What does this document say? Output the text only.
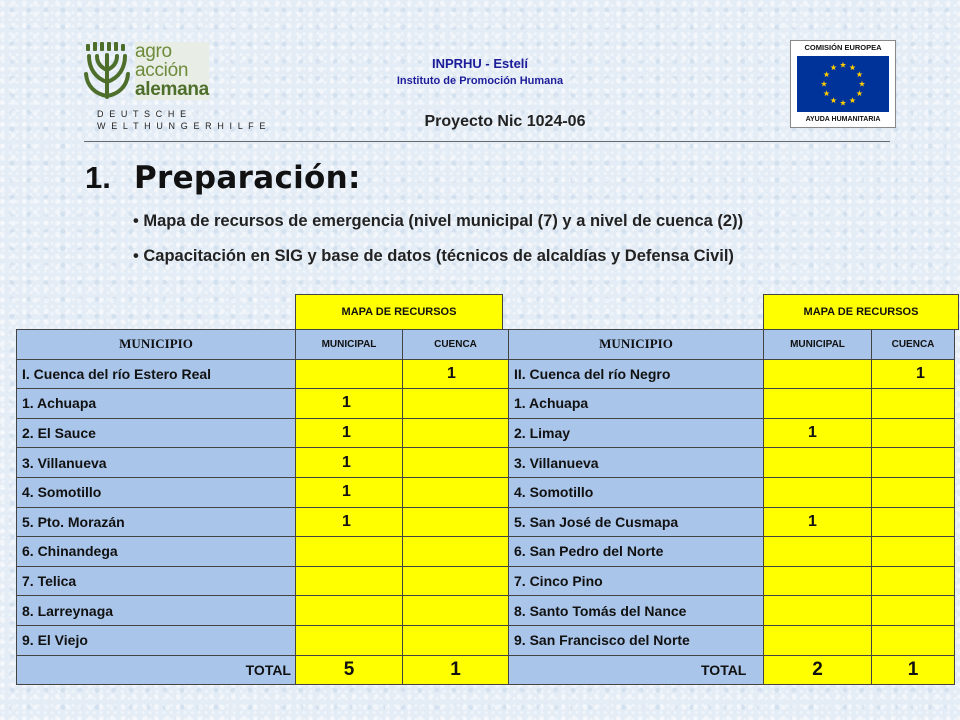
agro
acción
alemana
D E U T S C H E
W E L T H U N G E R H I L F E
INPRHU - Estelí
Instituto de Promoción Humana
Proyecto Nic 1024-06
COMISIÓN EUROPEA
AYUDA HUMANITARIA
1. Preparación:
• Mapa de recursos de emergencia (nivel municipal (7) y a nivel de cuenca (2))
• Capacitación en SIG y base de datos (técnicos de alcaldías y Defensa Civil)
MAPA DE RECURSOS	MAPA DE RECURSOS
MUNICIPIO	MUNICIPAL	CUENCA	MUNICIPIO	MUNICIPAL	CUENCA
I. Cuenca del río Estero Real		1	II. Cuenca del río Negro		1
1. Achuapa	1		1. Achuapa		
2. El Sauce	1		2. Limay	1	
3. Villanueva	1		3. Villanueva		
4. Somotillo	1		4. Somotillo		
5. Pto. Morazán	1		5. San José de Cusmapa	1	
6. Chinandega			6. San Pedro del Norte		
7. Telica			7. Cinco Pino		
8. Larreynaga			8. Santo Tomás del Nance		
9. El Viejo			9. San Francisco del Norte		
TOTAL	5	1	TOTAL	2	1
